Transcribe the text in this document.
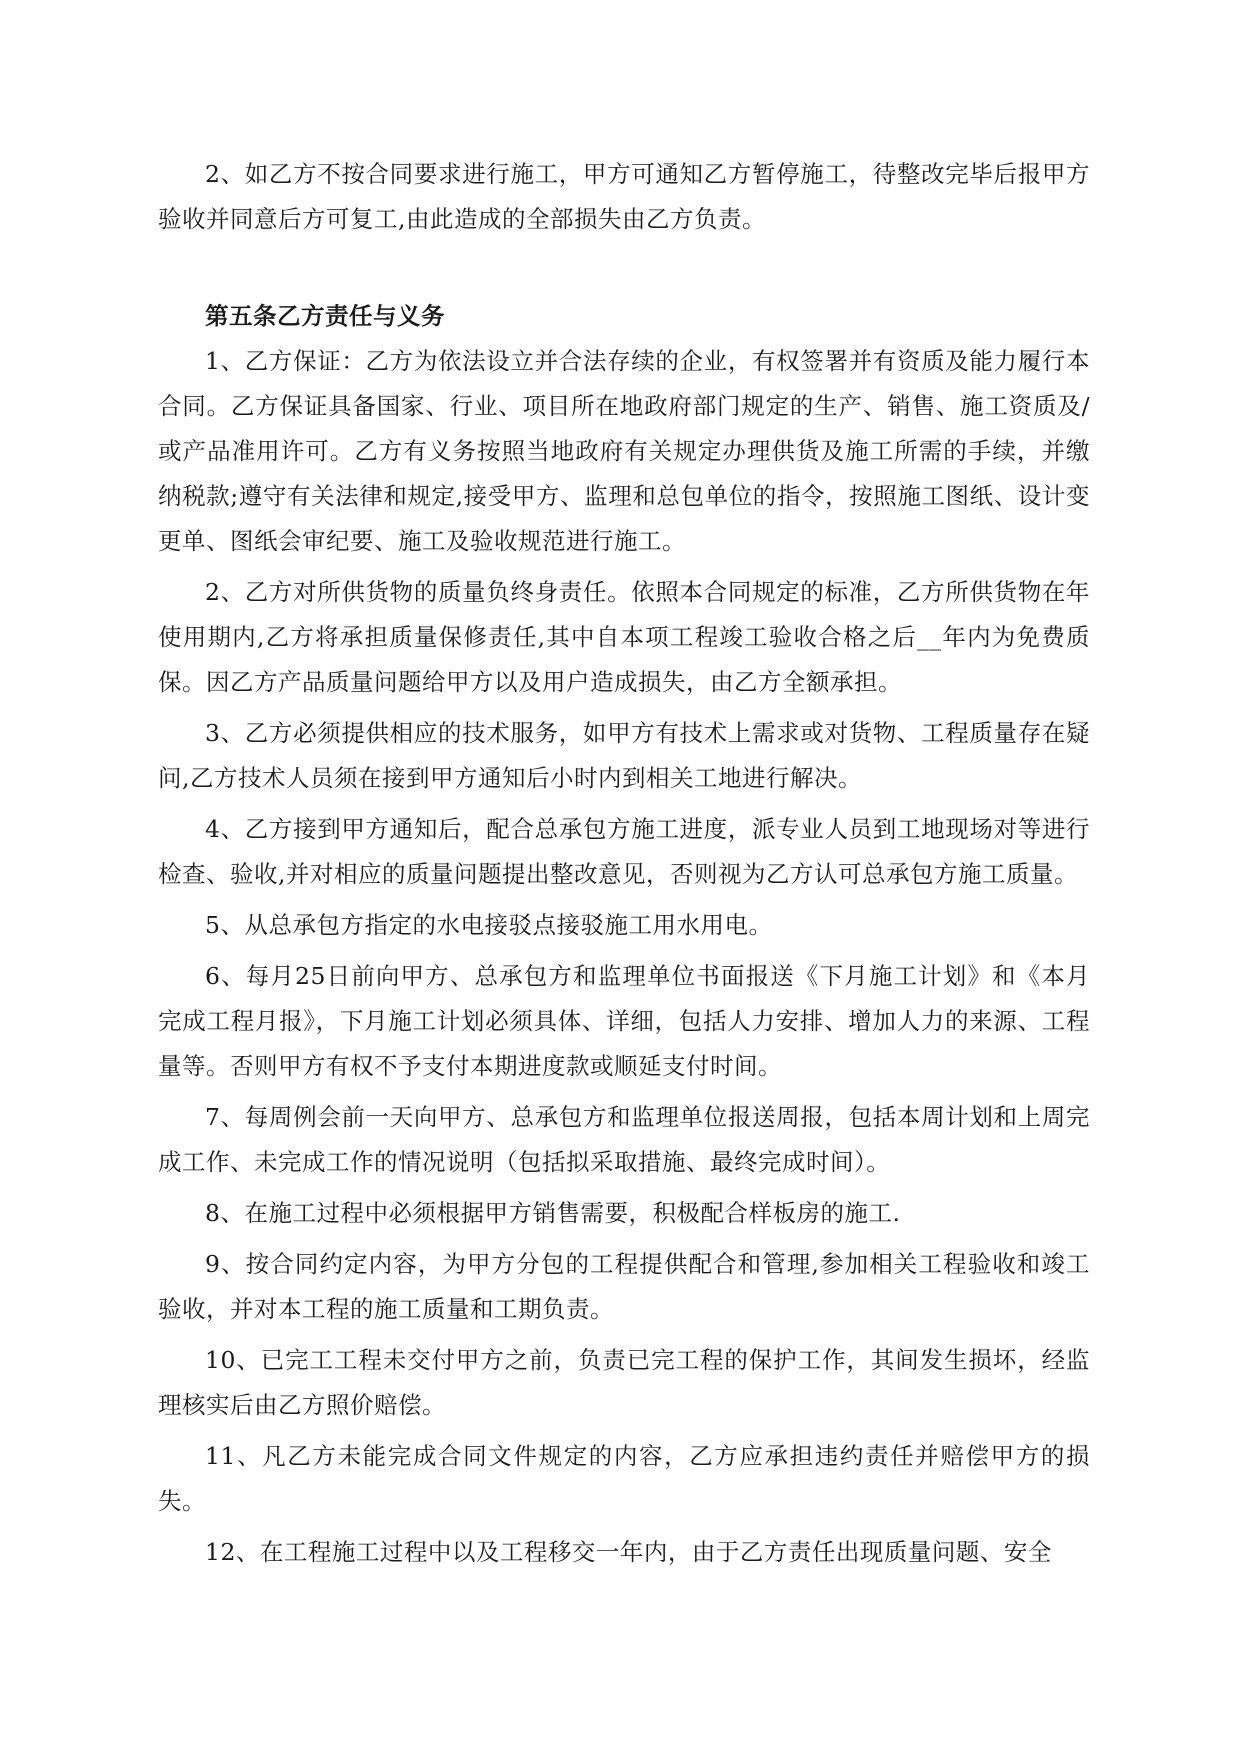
2、如乙方不按合同要求进行施工，甲方可通知乙方暂停施工，待整改完毕后报甲方验收并同意后方可复工,由此造成的全部损失由乙方负责。

第五条乙方责任与义务

1、乙方保证：乙方为依法设立并合法存续的企业，有权签署并有资质及能力履行本合同。乙方保证具备国家、行业、项目所在地政府部门规定的生产、销售、施工资质及/或产品准用许可。乙方有义务按照当地政府有关规定办理供货及施工所需的手续，并缴纳税款;遵守有关法律和规定,接受甲方、监理和总包单位的指令，按照施工图纸、设计变更单、图纸会审纪要、施工及验收规范进行施工。

2、乙方对所供货物的质量负终身责任。依照本合同规定的标准，乙方所供货物在年使用期内,乙方将承担质量保修责任,其中自本项工程竣工验收合格之后__年内为免费质保。因乙方产品质量问题给甲方以及用户造成损失，由乙方全额承担。

3、乙方必须提供相应的技术服务，如甲方有技术上需求或对货物、工程质量存在疑问,乙方技术人员须在接到甲方通知后小时内到相关工地进行解决。

4、乙方接到甲方通知后，配合总承包方施工进度，派专业人员到工地现场对等进行检查、验收,并对相应的质量问题提出整改意见，否则视为乙方认可总承包方施工质量。

5、从总承包方指定的水电接驳点接驳施工用水用电。

6、每月25日前向甲方、总承包方和监理单位书面报送《下月施工计划》和《本月完成工程月报》，下月施工计划必须具体、详细，包括人力安排、增加人力的来源、工程量等。否则甲方有权不予支付本期进度款或顺延支付时间。

7、每周例会前一天向甲方、总承包方和监理单位报送周报，包括本周计划和上周完成工作、未完成工作的情况说明（包括拟采取措施、最终完成时间）。

8、在施工过程中必须根据甲方销售需要，积极配合样板房的施工.

9、按合同约定内容，为甲方分包的工程提供配合和管理,参加相关工程验收和竣工验收，并对本工程的施工质量和工期负责。

10、已完工工程未交付甲方之前，负责已完工程的保护工作，其间发生损坏，经监理核实后由乙方照价赔偿。

11、凡乙方未能完成合同文件规定的内容，乙方应承担违约责任并赔偿甲方的损失。

12、在工程施工过程中以及工程移交一年内，由于乙方责任出现质量问题、安全
